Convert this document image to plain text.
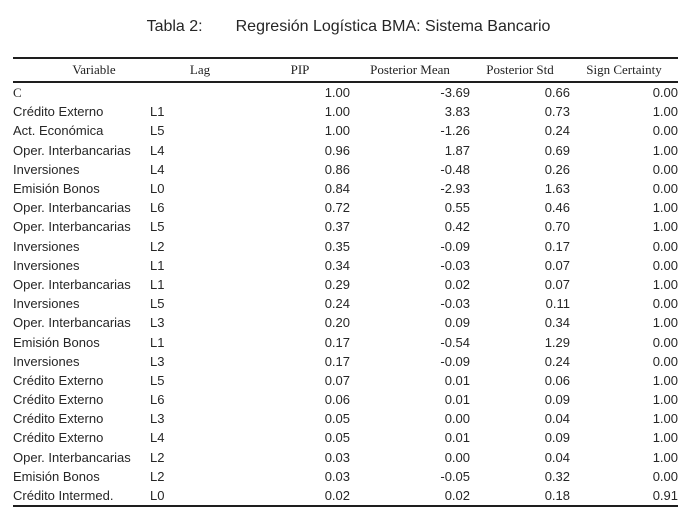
Tabla 2: Regresión Logística BMA: Sistema Bancario
Variable	Lag	PIP	Posterior Mean	Posterior Std	Sign Certainty
C		1.00	-3.69	0.66	0.00
Crédito Externo	L1	1.00	3.83	0.73	1.00
Act. Económica	L5	1.00	-1.26	0.24	0.00
Oper. Interbancarias	L4	0.96	1.87	0.69	1.00
Inversiones	L4	0.86	-0.48	0.26	0.00
Emisión Bonos	L0	0.84	-2.93	1.63	0.00
Oper. Interbancarias	L6	0.72	0.55	0.46	1.00
Oper. Interbancarias	L5	0.37	0.42	0.70	1.00
Inversiones	L2	0.35	-0.09	0.17	0.00
Inversiones	L1	0.34	-0.03	0.07	0.00
Oper. Interbancarias	L1	0.29	0.02	0.07	1.00
Inversiones	L5	0.24	-0.03	0.11	0.00
Oper. Interbancarias	L3	0.20	0.09	0.34	1.00
Emisión Bonos	L1	0.17	-0.54	1.29	0.00
Inversiones	L3	0.17	-0.09	0.24	0.00
Crédito Externo	L5	0.07	0.01	0.06	1.00
Crédito Externo	L6	0.06	0.01	0.09	1.00
Crédito Externo	L3	0.05	0.00	0.04	1.00
Crédito Externo	L4	0.05	0.01	0.09	1.00
Oper. Interbancarias	L2	0.03	0.00	0.04	1.00
Emisión Bonos	L2	0.03	-0.05	0.32	0.00
Crédito Intermed.	L0	0.02	0.02	0.18	0.91
